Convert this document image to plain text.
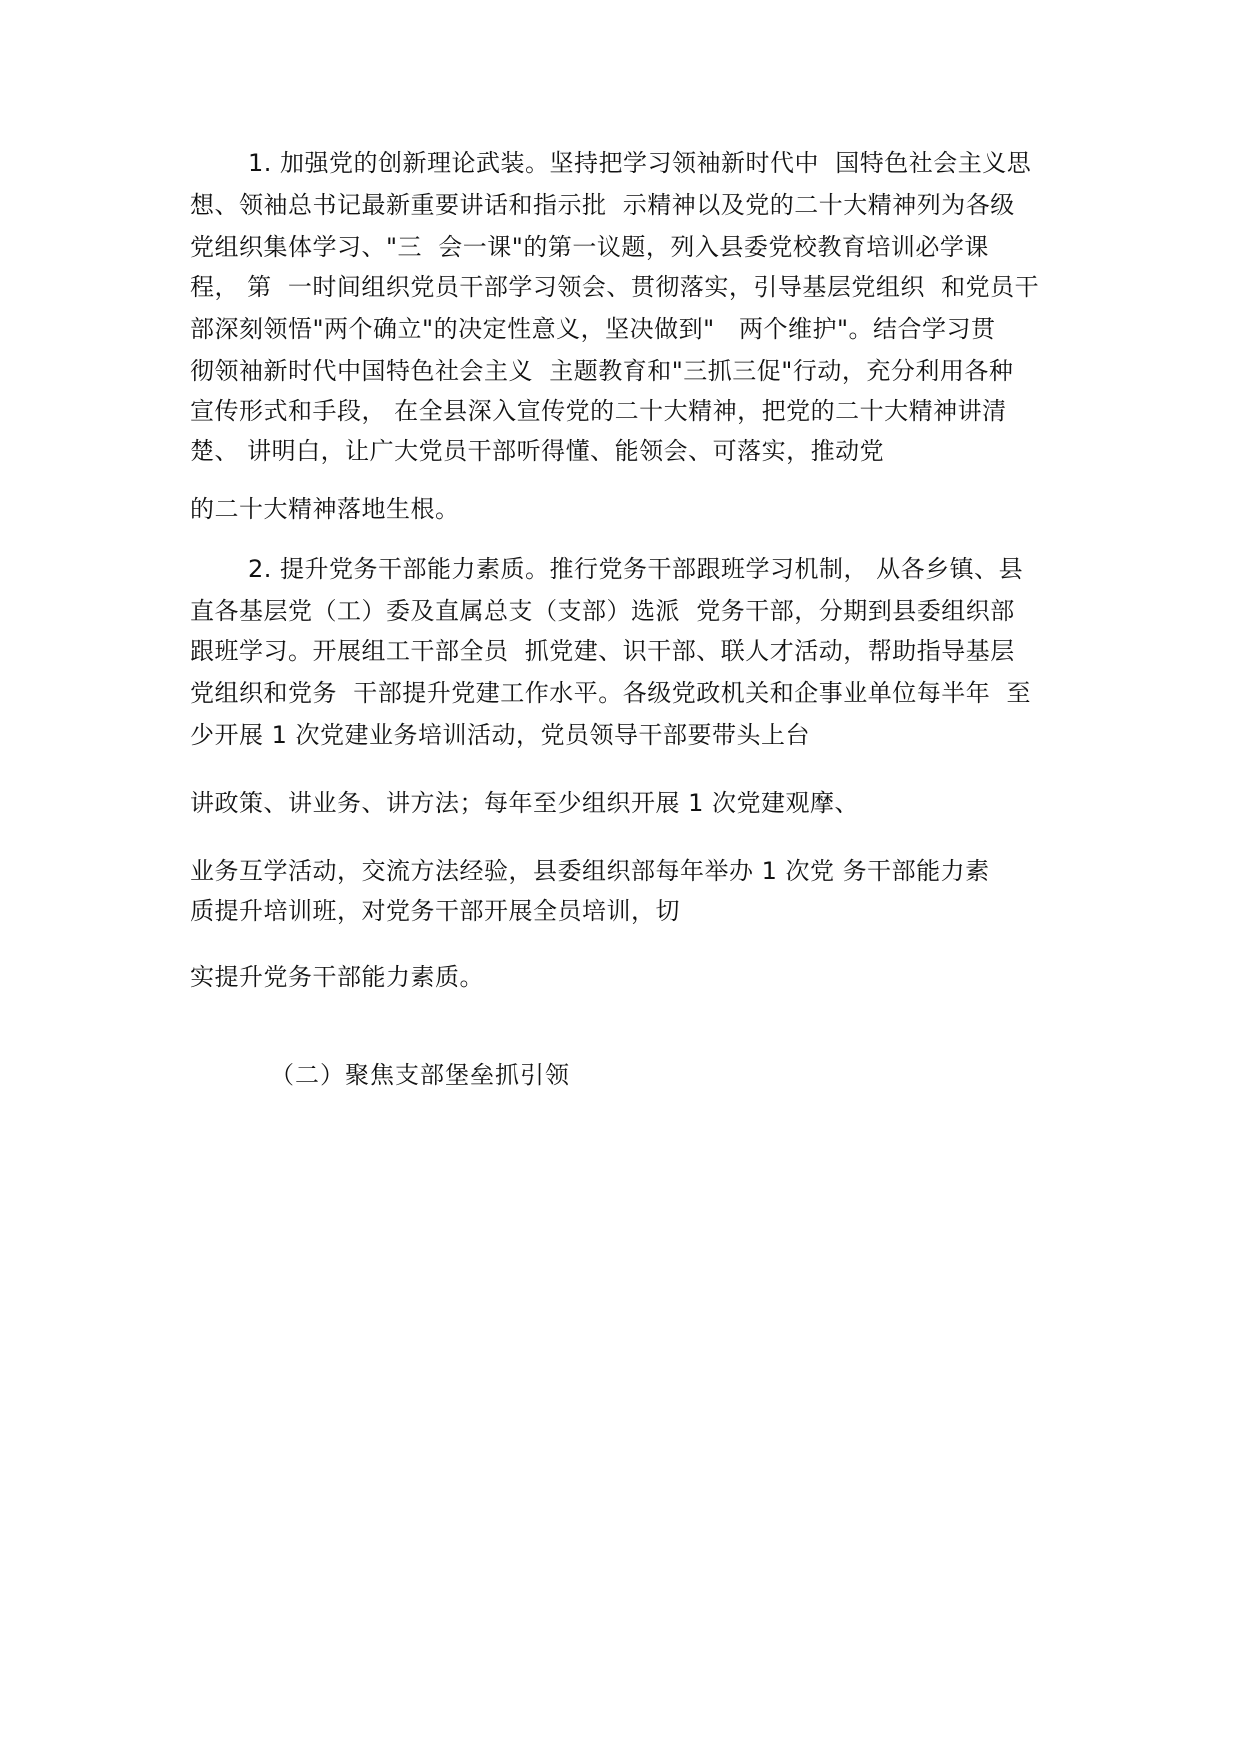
1. 加强党的创新理论武装。坚持把学习领袖新时代中  国特色社会主义思
想、领袖总书记最新重要讲话和指示批  示精神以及党的二十大精神列为各级
党组织集体学习、"三  会一课"的第一议题，列入县委党校教育培训必学课
程， 第  一时间组织党员干部学习领会、贯彻落实，引导基层党组织  和党员干
部深刻领悟"两个确立"的决定性意义，坚决做到"   两个维护"。结合学习贯
彻领袖新时代中国特色社会主义  主题教育和"三抓三促"行动，充分利用各种
宣传形式和手段， 在全县深入宣传党的二十大精神，把党的二十大精神讲清
楚、 讲明白，让广大党员干部听得懂、能领会、可落实，推动党
的二十大精神落地生根。
2. 提升党务干部能力素质。推行党务干部跟班学习机制， 从各乡镇、县
直各基层党（工）委及直属总支（支部）选派  党务干部，分期到县委组织部
跟班学习。开展组工干部全员  抓党建、识干部、联人才活动，帮助指导基层
党组织和党务  干部提升党建工作水平。各级党政机关和企事业单位每半年  至
少开展 1 次党建业务培训活动，党员领导干部要带头上台
讲政策、讲业务、讲方法；每年至少组织开展 1 次党建观摩、
业务互学活动，交流方法经验，县委组织部每年举办 1 次党 务干部能力素
质提升培训班，对党务干部开展全员培训，切
实提升党务干部能力素质。
（二）聚焦支部堡垒抓引领
